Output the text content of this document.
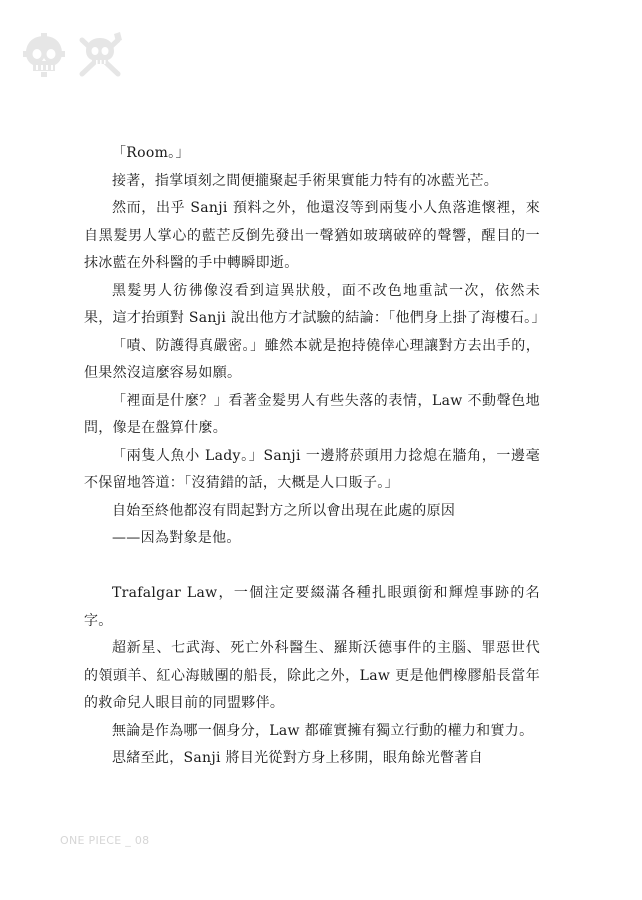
「Room。」

接著，指掌頃刻之間便攏聚起手術果實能力特有的冰藍光芒。

然而，出乎 Sanji 預料之外，他還沒等到兩隻小人魚落進懷裡，來自黑髮男人掌心的藍芒反倒先發出一聲猶如玻璃破碎的聲響，醒目的一抹冰藍在外科醫的手中轉瞬即逝。

黑髮男人彷彿像沒看到這異狀般，面不改色地重試一次，依然未果，這才抬頭對 Sanji 說出他方才試驗的結論：「他們身上掛了海樓石。」

「嘖、防護得真嚴密。」雖然本就是抱持僥倖心理讓對方去出手的，但果然沒這麼容易如願。

「裡面是什麼？」看著金髮男人有些失落的表情，Law 不動聲色地問，像是在盤算什麼。

「兩隻人魚小 Lady。」Sanji 一邊將菸頭用力捻熄在牆角，一邊毫不保留地答道：「沒猜錯的話，大概是人口販子。」

自始至終他都沒有問起對方之所以會出現在此處的原因

——因為對象是他。

Trafalgar Law，一個注定要綴滿各種扎眼頭銜和輝煌事跡的名字。

超新星、七武海、死亡外科醫生、羅斯沃德事件的主腦、罪惡世代的領頭羊、紅心海賊團的船長，除此之外，Law 更是他們橡膠船長當年的救命兒人眼目前的同盟夥伴。

無論是作為哪一個身分，Law 都確實擁有獨立行動的權力和實力。

思緒至此，Sanji 將目光從對方身上移開，眼角餘光瞥著自

ONE PIECE _ 08
